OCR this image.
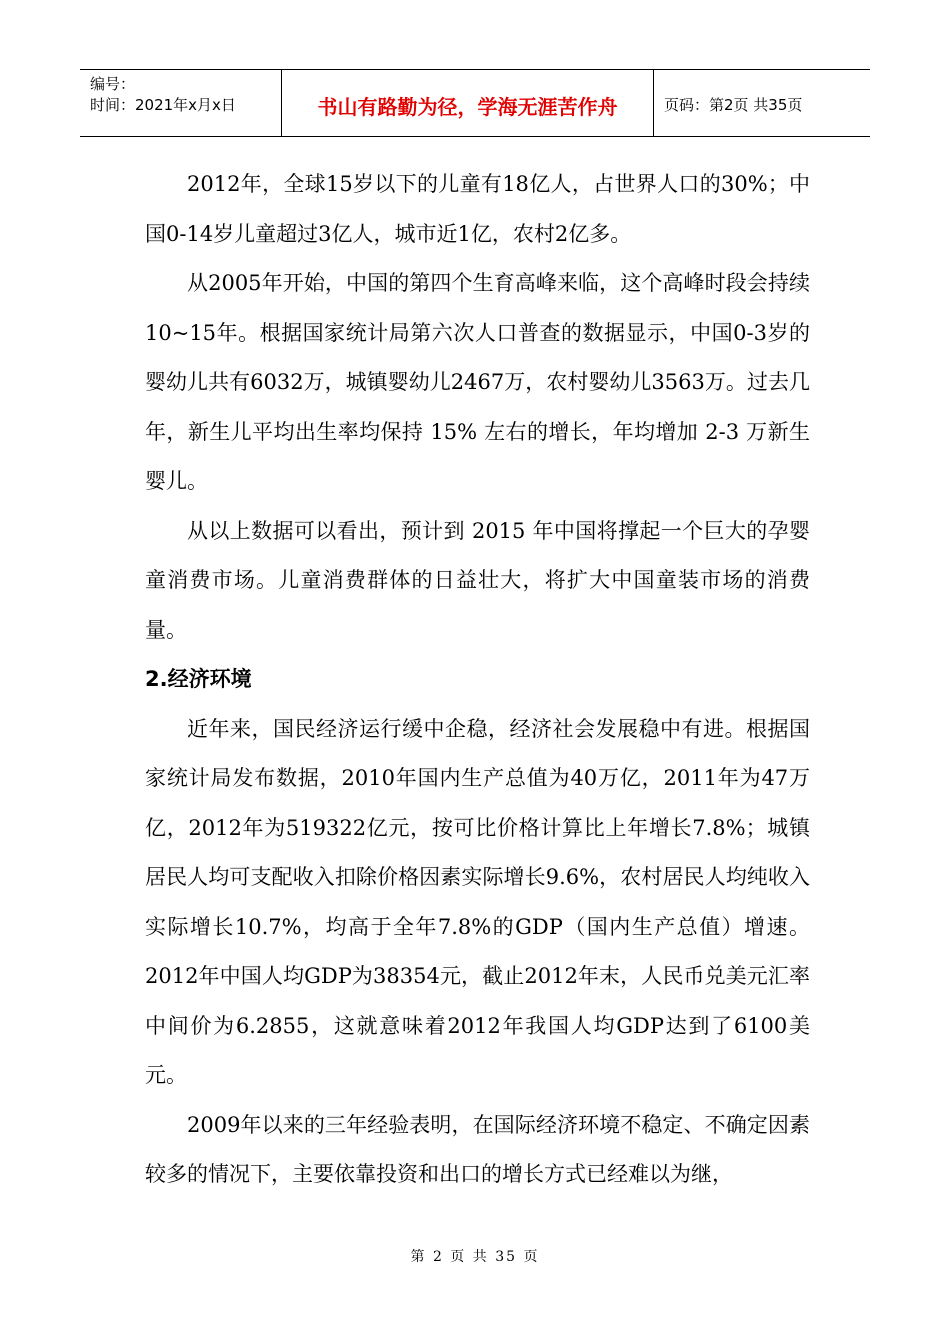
编号：
时间：2021年x月x日	书山有路勤为径，学海无涯苦作舟	页码：第2页 共35页

2012年，全球15岁以下的儿童有18亿人，占世界人口的30%；中国0-14岁儿童超过3亿人，城市近1亿，农村2亿多。

从2005年开始，中国的第四个生育高峰来临，这个高峰时段会持续10~15年。根据国家统计局第六次人口普查的数据显示，中国0-3岁的婴幼儿共有6032万，城镇婴幼儿2467万，农村婴幼儿3563万。过去几年，新生儿平均出生率均保持 15% 左右的增长，年均增加 2-3 万新生婴儿。

从以上数据可以看出，预计到 2015 年中国将撑起一个巨大的孕婴童消费市场。儿童消费群体的日益壮大，将扩大中国童装市场的消费量。

2.经济环境

近年来，国民经济运行缓中企稳，经济社会发展稳中有进。根据国家统计局发布数据，2010年国内生产总值为40万亿，2011年为47万亿，2012年为519322亿元，按可比价格计算比上年增长7.8%；城镇居民人均可支配收入扣除价格因素实际增长9.6%，农村居民人均纯收入实际增长10.7%，均高于全年7.8%的GDP（国内生产总值）增速。2012年中国人均GDP为38354元，截止2012年末，人民币兑美元汇率中间价为6.2855，这就意味着2012年我国人均GDP达到了6100美元。

2009年以来的三年经验表明，在国际经济环境不稳定、不确定因素较多的情况下，主要依靠投资和出口的增长方式已经难以为继，

第 2 页 共 35 页
